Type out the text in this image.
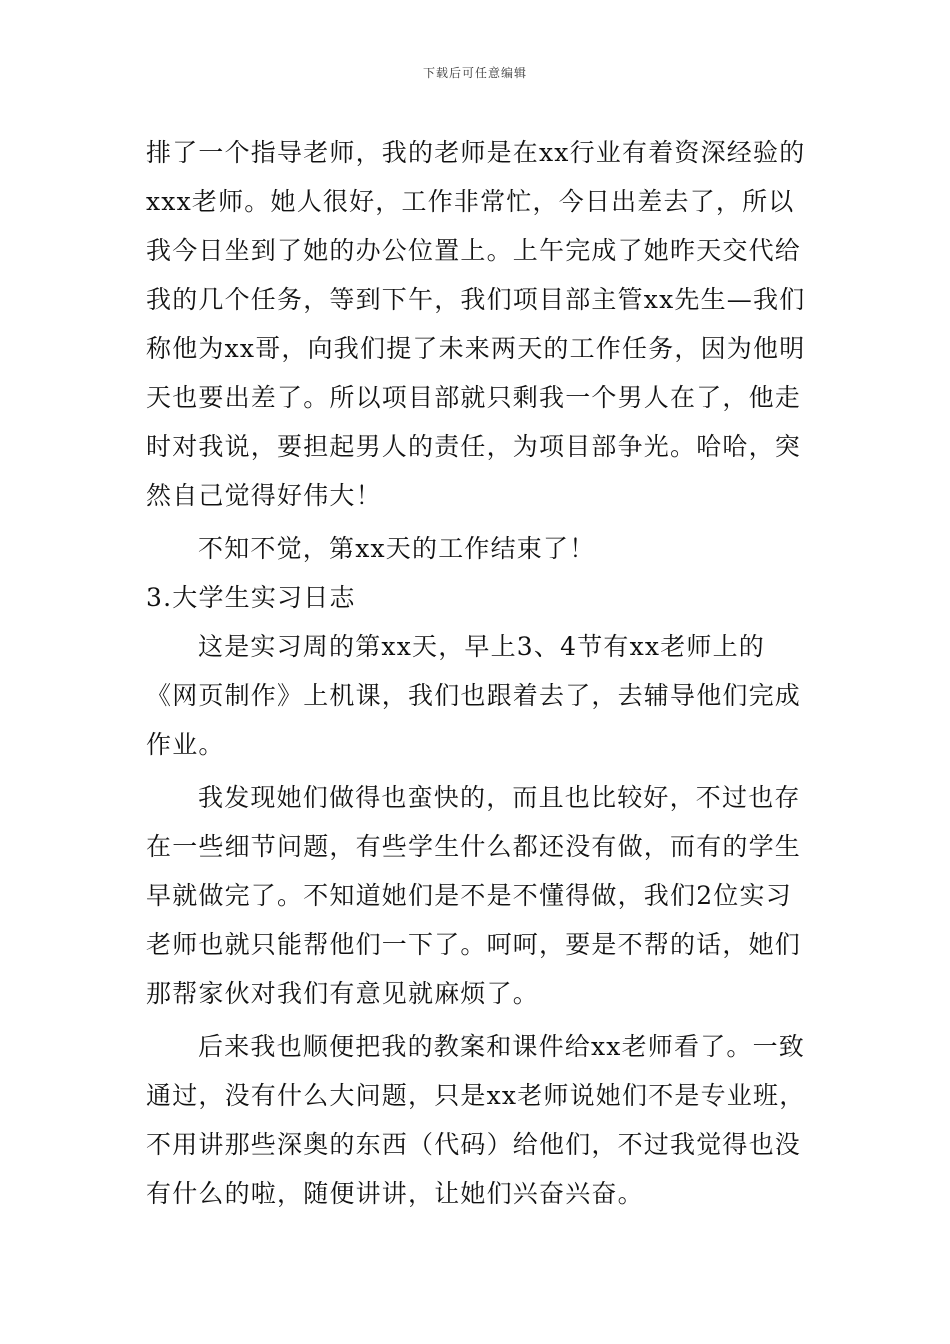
下载后可任意编辑

排了一个指导老师，我的老师是在xx行业有着资深经验的xxx老师。她人很好，工作非常忙，今日出差去了，所以我今日坐到了她的办公位置上。上午完成了她昨天交代给我的几个任务，等到下午，我们项目部主管xx先生—我们称他为xx哥，向我们提了未来两天的工作任务，因为他明天也要出差了。所以项目部就只剩我一个男人在了，他走时对我说，要担起男人的责任，为项目部争光。哈哈，突然自己觉得好伟大！

不知不觉，第xx天的工作结束了！

3.大学生实习日志

这是实习周的第xx天，早上3、4节有xx老师上的《网页制作》上机课，我们也跟着去了，去辅导他们完成作业。

我发现她们做得也蛮快的，而且也比较好，不过也存在一些细节问题，有些学生什么都还没有做，而有的学生早就做完了。不知道她们是不是不懂得做，我们2位实习老师也就只能帮他们一下了。呵呵，要是不帮的话，她们那帮家伙对我们有意见就麻烦了。

后来我也顺便把我的教案和课件给xx老师看了。一致通过，没有什么大问题，只是xx老师说她们不是专业班，不用讲那些深奥的东西（代码）给他们，不过我觉得也没有什么的啦，随便讲讲，让她们兴奋兴奋。
